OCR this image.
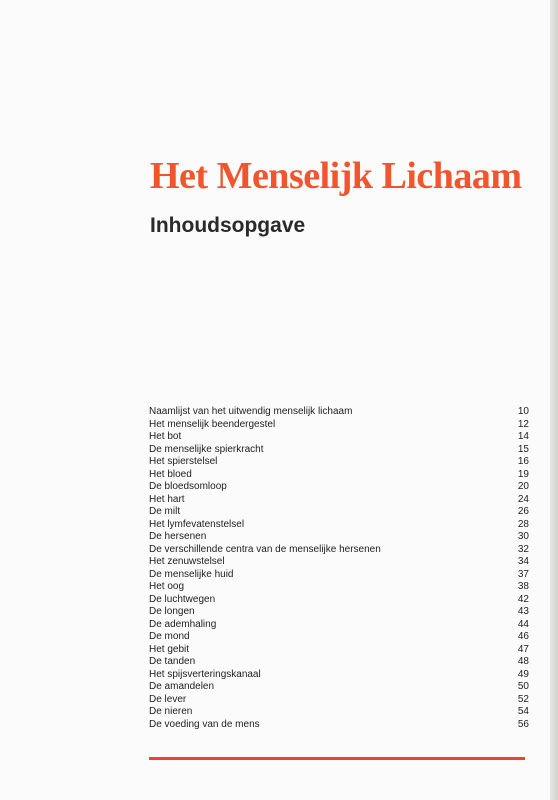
Het Menselijk Lichaam
Inhoudsopgave
Naamlijst van het uitwendig menselijk lichaam	10
Het menselijk beendergestel	12
Het bot	14
De menselijke spierkracht	15
Het spierstelsel	16
Het bloed	19
De bloedsomloop	20
Het hart	24
De milt	26
Het lymfevatenstelsel	28
De hersenen	30
De verschillende centra van de menselijke hersenen	32
Het zenuwstelsel	34
De menselijke huid	37
Het oog	38
De luchtwegen	42
De longen	43
De ademhaling	44
De mond	46
Het gebit	47
De tanden	48
Het spijsverteringskanaal	49
De amandelen	50
De lever	52
De nieren	54
De voeding van de mens	56
